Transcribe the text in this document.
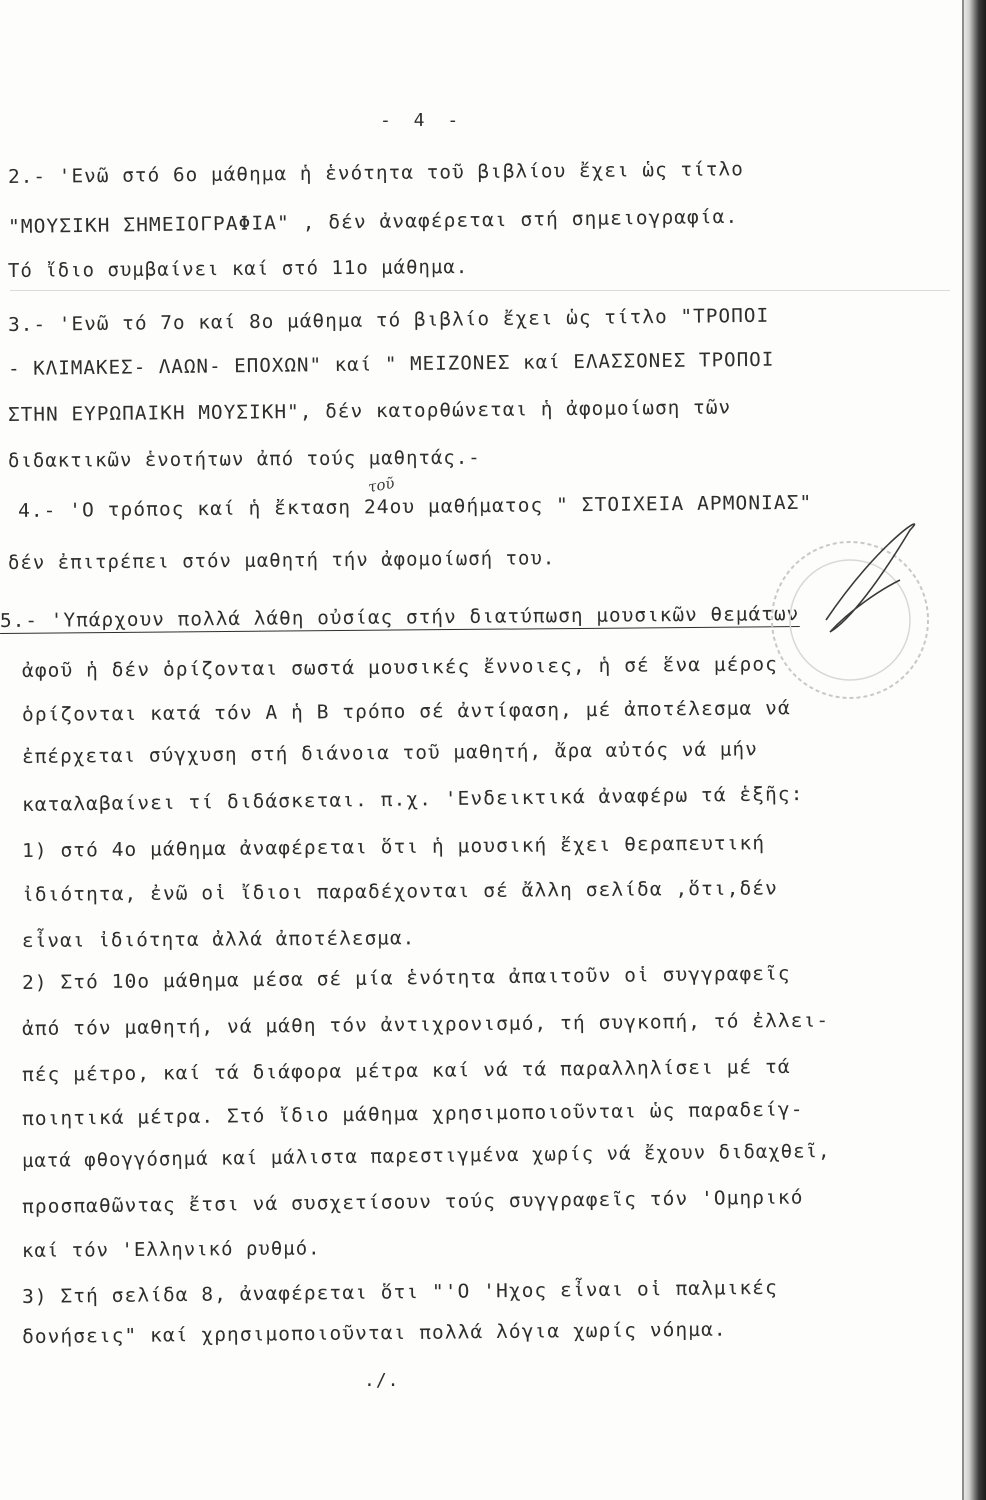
- 4 -

2.- 'Ενῶ στό 6ο μάθημα ἡ ἑνότητα τοῦ βιβλίου ἔχει ὡς τίτλο

"ΜΟΥΣΙΚΗ ΣΗΜΕΙΟΓΡΑΦΙΑ" , δέν ἀναφέρεται στή σημειογραφία.

Τό ἴδιο συμβαίνει καί στό 11ο μάθημα.

3.- 'Ενῶ τό 7ο καί 8ο μάθημα τό βιβλίο ἔχει ὡς τίτλο "ΤΡΟΠΟΙ

- ΚΛΙΜΑΚΕΣ- ΛΑΩΝ- ΕΠΟΧΩΝ" καί " ΜΕΙΖΟΝΕΣ καί ΕΛΑΣΣΟΝΕΣ ΤΡΟΠΟΙ

ΣΤΗΝ ΕΥΡΩΠΑΙΚΗ ΜΟΥΣΙΚΗ", δέν κατορθώνεται ἡ ἀφομοίωση τῶν

διδακτικῶν ἑνοτήτων ἀπό τούς μαθητάς.-

τοῦ

4.- 'Ο τρόπος καί ἡ ἔκταση 24ου μαθήματος " ΣΤΟΙΧΕΙΑ ΑΡΜΟΝΙΑΣ"

δέν ἐπιτρέπει στόν μαθητή τήν ἀφομοίωσή του.

5.- 'Υπάρχουν πολλά λάθη οὐσίας στήν διατύπωση μουσικῶν θεμάτων

ἀφοῦ ἡ δέν ὁρίζονται σωστά μουσικές ἔννοιες, ἡ σέ ἕνα μέρος

ὁρίζονται κατά τόν Α ἡ Β τρόπο σέ ἀντίφαση, μέ ἀποτέλεσμα νά

ἐπέρχεται σύγχυση στή διάνοια τοῦ μαθητή, ἄρα αὐτός νά μήν

καταλαβαίνει τί διδάσκεται. π.χ. 'Ενδεικτικά ἀναφέρω τά ἑξῆς:

1) στό 4ο μάθημα ἀναφέρεται ὅτι ἡ μουσική ἔχει θεραπευτική

ἰδιότητα, ἐνῶ οἱ ἴδιοι παραδέχονται σέ ἄλλη σελίδα ,ὅτι,δέν

εἶναι ἰδιότητα ἀλλά ἀποτέλεσμα.

2) Στό 10ο μάθημα μέσα σέ μία ἑνότητα ἀπαιτοῦν οἱ συγγραφεῖς

ἀπό τόν μαθητή, νά μάθη τόν ἀντιχρονισμό, τή συγκοπή, τό ἐλλει-

πές μέτρο, καί τά διάφορα μέτρα καί νά τά παραλληλίσει μέ τά

ποιητικά μέτρα. Στό ἴδιο μάθημα χρησιμοποιοῦνται ὡς παραδείγ-

ματά φθογγόσημά καί μάλιστα παρεστιγμένα χωρίς νά ἔχουν διδαχθεῖ,

προσπαθῶντας ἔτσι νά συσχετίσουν τούς συγγραφεῖς τόν 'Ομηρικό

καί τόν 'Ελληνικό ρυθμό.

3) Στή σελίδα 8, ἀναφέρεται ὅτι "'Ο 'Ηχος εἶναι οἱ παλμικές

δονήσεις" καί χρησιμοποιοῦνται πολλά λόγια χωρίς νόημα.

./.
